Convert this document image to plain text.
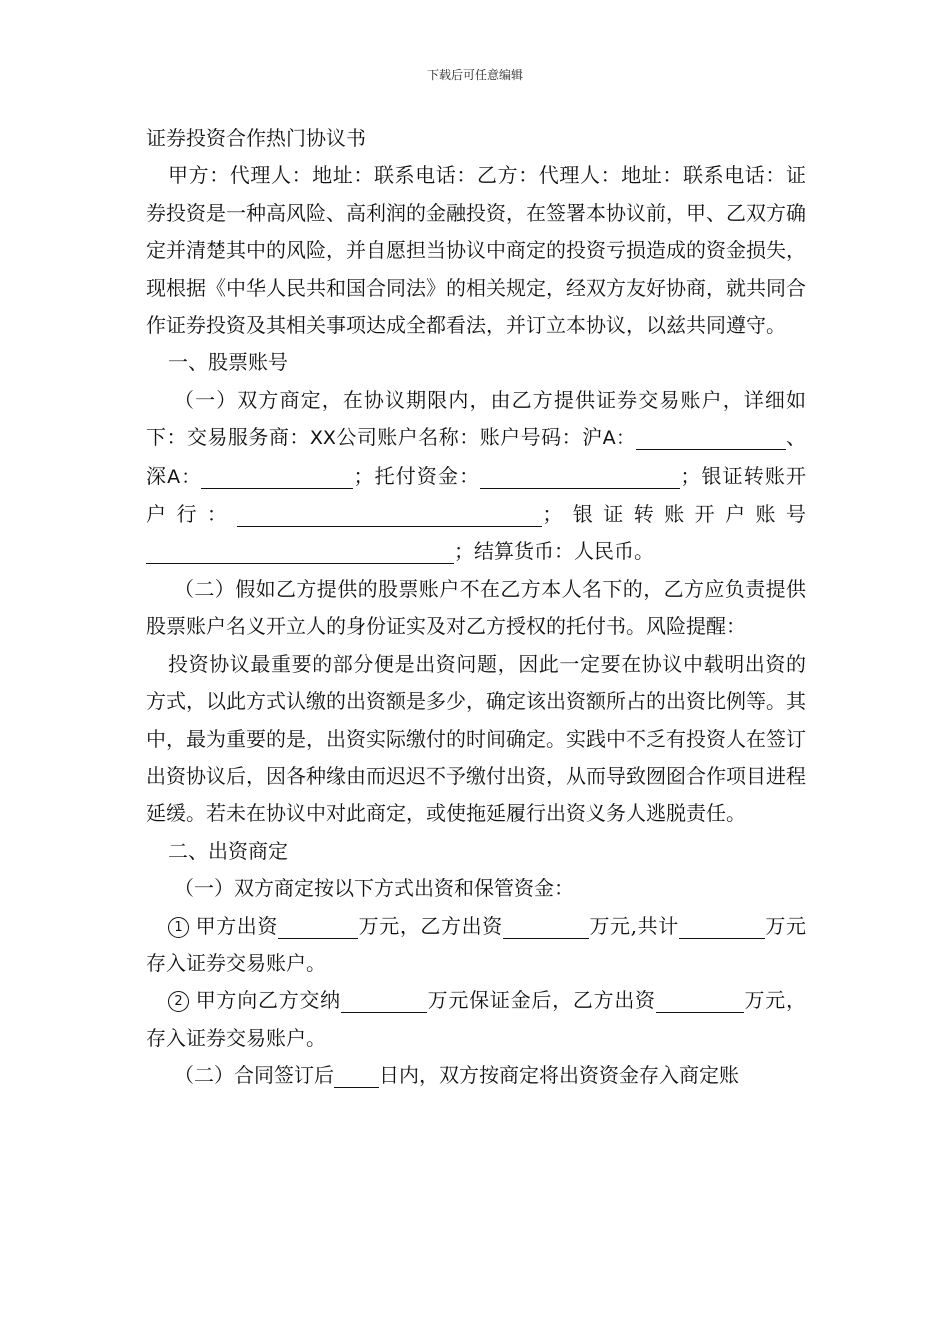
下载后可任意编辑

证券投资合作热门协议书

甲方：代理人：地址：联系电话：乙方：代理人：地址：联系电话：证券投资是一种高风险、高利润的金融投资，在签署本协议前，甲、乙双方确定并清楚其中的风险，并自愿担当协议中商定的投资亏损造成的资金损失，现根据《中华人民共和国合同法》的相关规定，经双方友好协商，就共同合作证券投资及其相关事项达成全都看法，并订立本协议，以兹共同遵守。

一、股票账号

（一）双方商定，在协议期限内，由乙方提供证券交易账户，详细如下：交易服务商：XX公司账户名称：账户号码：沪A：	、深A：	；托付资金：	；银证转账开户行：	；银证转账开户账号；结算货币：人民币。

（二）假如乙方提供的股票账户不在乙方本人名下的，乙方应负责提供股票账户名义开立人的身份证实及对乙方授权的托付书。风险提醒：

投资协议最重要的部分便是出资问题，因此一定要在协议中载明出资的方式，以此方式认缴的出资额是多少，确定该出资额所占的出资比例等。其中，最为重要的是，出资实际缴付的时间确定。实践中不乏有投资人在签订出资协议后，因各种缘由而迟迟不予缴付出资，从而导致囫囵合作项目进程延缓。若未在协议中对此商定，或使拖延履行出资义务人逃脱责任。

二、出资商定

（一）双方商定按以下方式出资和保管资金：

1 甲方出资	万元，乙方出资	万元,共计	万元存入证券交易账户。

2 甲方向乙方交纳	万元保证金后，乙方出资	万元，存入证券交易账户。

（二）合同签订后 日内，双方按商定将出资资金存入商定账
